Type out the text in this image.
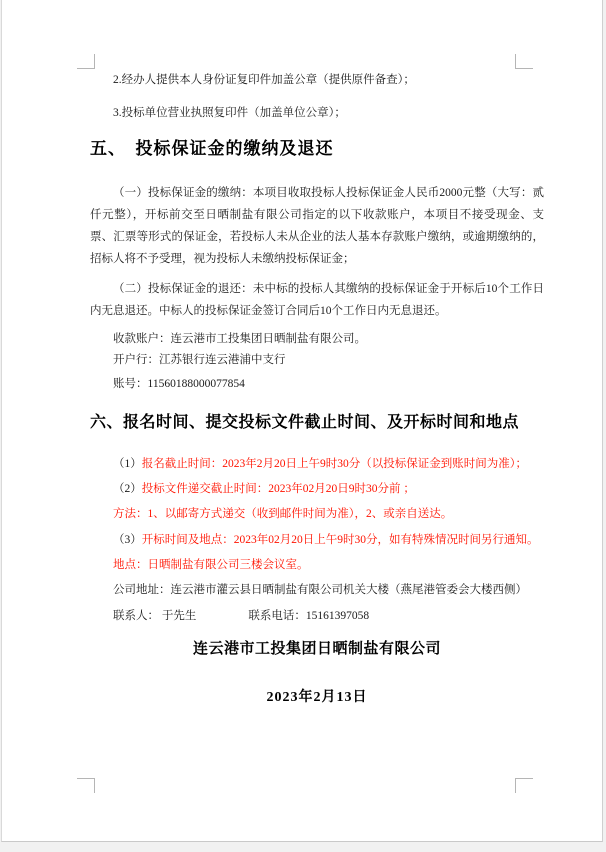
2.经办人提供本人身份证复印件加盖公章（提供原件备查）；

3.投标单位营业执照复印件（加盖单位公章）；

五、　投标保证金的缴纳及退还

（一）投标保证金的缴纳：本项目收取投标人投标保证金人民币2000元整（大写：贰仟元整），开标前交至日晒制盐有限公司指定的以下收款账户，本项目不接受现金、支票、汇票等形式的保证金，若投标人未从企业的法人基本存款账户缴纳，或逾期缴纳的，招标人将不予受理，视为投标人未缴纳投标保证金；

（二）投标保证金的退还：未中标的投标人其缴纳的投标保证金于开标后10个工作日内无息退还。中标人的投标保证金签订合同后10个工作日内无息退还。

收款账户：连云港市工投集团日晒制盐有限公司。

开户行：江苏银行连云港浦中支行

账号：11560188000077854

六、报名时间、提交投标文件截止时间、及开标时间和地点

（1）报名截止时间：2023年2月20日上午9时30分（以投标保证金到账时间为准）；

（2）投标文件递交截止时间：2023年02月20日9时30分前 ；

方法：1、以邮寄方式递交（收到邮件时间为准），2、或亲自送达。

（3）开标时间及地点：2023年02月20日上午9时30分，如有特殊情况时间另行通知。

地点：日晒制盐有限公司三楼会议室。

公司地址：连云港市灌云县日晒制盐有限公司机关大楼（燕尾港管委会大楼西侧）

联系人： 于先生	联系电话：15161397058

连云港市工投集团日晒制盐有限公司

2023年2月13日
